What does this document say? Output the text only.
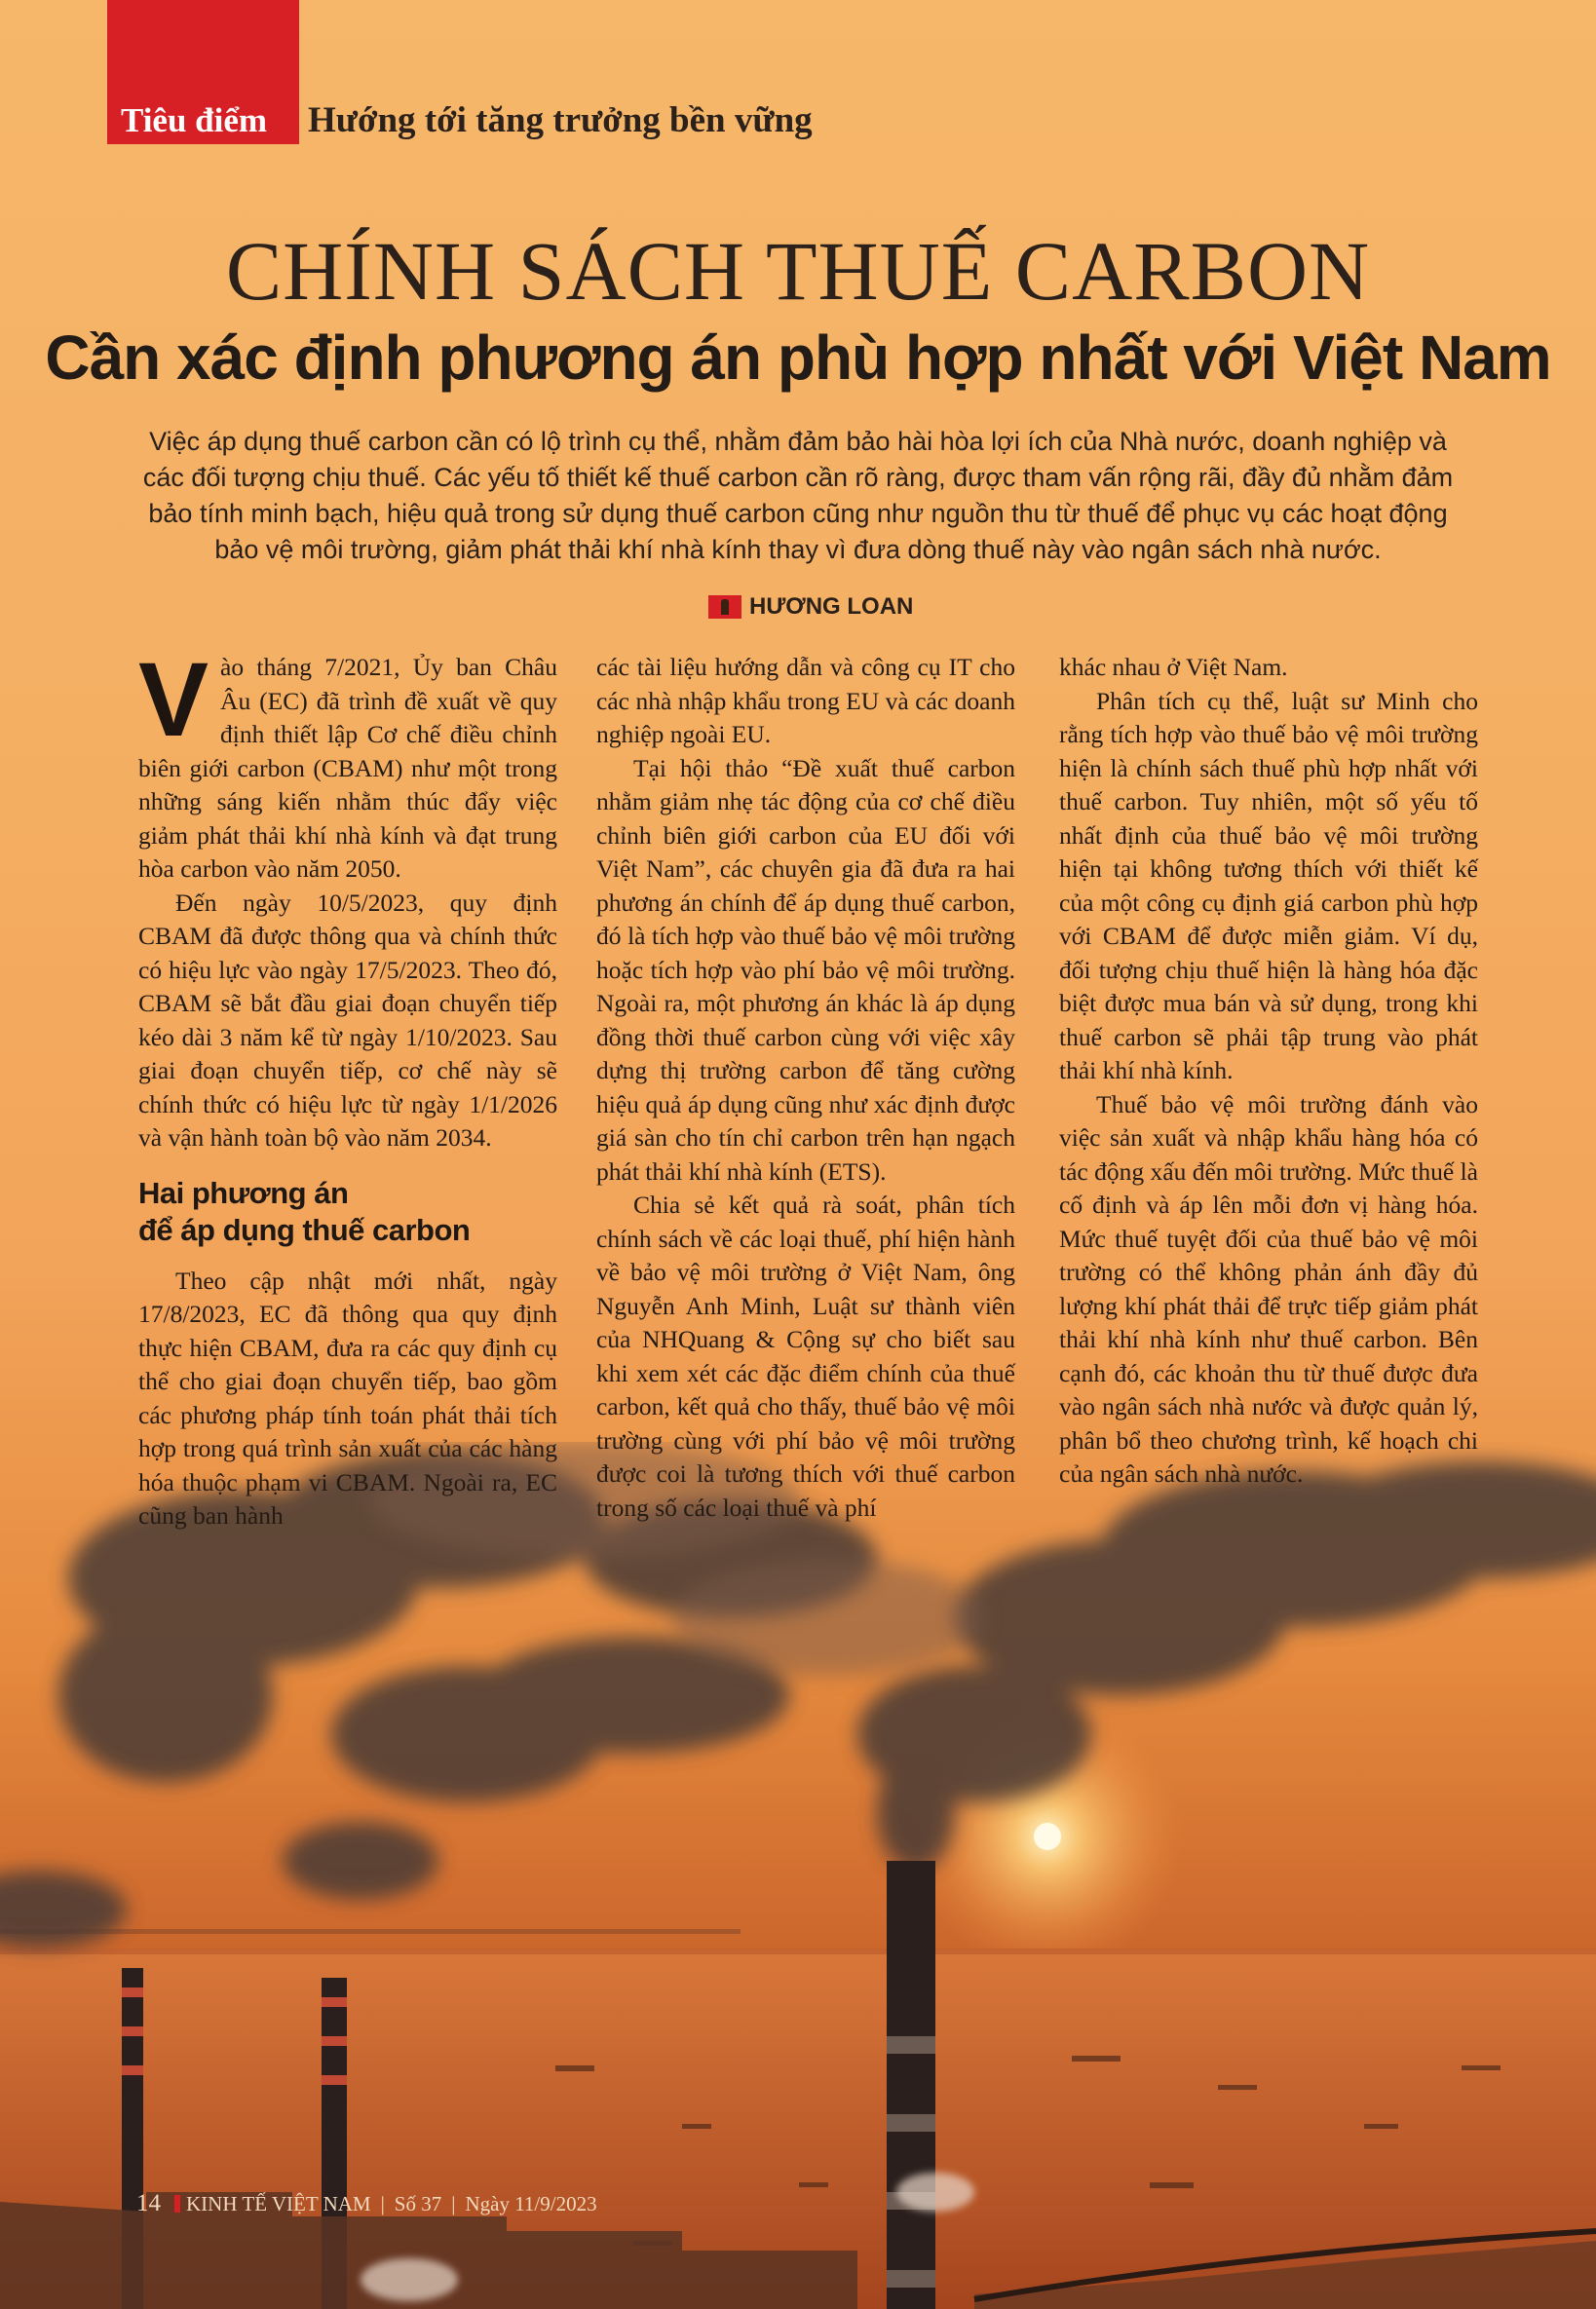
Tiêu điểm Hướng tới tăng trưởng bền vững
CHÍNH SÁCH THUẾ CARBON
Cần xác định phương án phù hợp nhất với Việt Nam
Việc áp dụng thuế carbon cần có lộ trình cụ thể, nhằm đảm bảo hài hòa lợi ích của Nhà nước, doanh nghiệp và các đối tượng chịu thuế. Các yếu tố thiết kế thuế carbon cần rõ ràng, được tham vấn rộng rãi, đầy đủ nhằm đảm bảo tính minh bạch, hiệu quả trong sử dụng thuế carbon cũng như nguồn thu từ thuế để phục vụ các hoạt động bảo vệ môi trường, giảm phát thải khí nhà kính thay vì đưa dòng thuế này vào ngân sách nhà nước.
HƯƠNG LOAN

Vào tháng 7/2021, Ủy ban Châu Âu (EC) đã trình đề xuất về quy định thiết lập Cơ chế điều chỉnh biên giới carbon (CBAM) như một trong những sáng kiến nhằm thúc đẩy việc giảm phát thải khí nhà kính và đạt trung hòa carbon vào năm 2050.

Đến ngày 10/5/2023, quy định CBAM đã được thông qua và chính thức có hiệu lực vào ngày 17/5/2023. Theo đó, CBAM sẽ bắt đầu giai đoạn chuyển tiếp kéo dài 3 năm kể từ ngày 1/10/2023. Sau giai đoạn chuyển tiếp, cơ chế này sẽ chính thức có hiệu lực từ ngày 1/1/2026 và vận hành toàn bộ vào năm 2034.

Hai phương án
để áp dụng thuế carbon

Theo cập nhật mới nhất, ngày 17/8/2023, EC đã thông qua quy định thực hiện CBAM, đưa ra các quy định cụ thể cho giai đoạn chuyển tiếp, bao gồm các phương pháp tính toán phát thải tích hợp trong quá trình sản xuất của các hàng hóa thuộc phạm vi CBAM. Ngoài ra, EC cũng ban hành

các tài liệu hướng dẫn và công cụ IT cho các nhà nhập khẩu trong EU và các doanh nghiệp ngoài EU.

Tại hội thảo “Đề xuất thuế carbon nhằm giảm nhẹ tác động của cơ chế điều chỉnh biên giới carbon của EU đối với Việt Nam”, các chuyên gia đã đưa ra hai phương án chính để áp dụng thuế carbon, đó là tích hợp vào thuế bảo vệ môi trường hoặc tích hợp vào phí bảo vệ môi trường. Ngoài ra, một phương án khác là áp dụng đồng thời thuế carbon cùng với việc xây dựng thị trường carbon để tăng cường hiệu quả áp dụng cũng như xác định được giá sàn cho tín chỉ carbon trên hạn ngạch phát thải khí nhà kính (ETS).

Chia sẻ kết quả rà soát, phân tích chính sách về các loại thuế, phí hiện hành về bảo vệ môi trường ở Việt Nam, ông Nguyễn Anh Minh, Luật sư thành viên của NHQuang & Cộng sự cho biết sau khi xem xét các đặc điểm chính của thuế carbon, kết quả cho thấy, thuế bảo vệ môi trường cùng với phí bảo vệ môi trường được coi là tương thích với thuế carbon trong số các loại thuế và phí

khác nhau ở Việt Nam.

Phân tích cụ thể, luật sư Minh cho rằng tích hợp vào thuế bảo vệ môi trường hiện là chính sách thuế phù hợp nhất với thuế carbon. Tuy nhiên, một số yếu tố nhất định của thuế bảo vệ môi trường hiện tại không tương thích với thiết kế của một công cụ định giá carbon phù hợp với CBAM để được miễn giảm. Ví dụ, đối tượng chịu thuế hiện là hàng hóa đặc biệt được mua bán và sử dụng, trong khi thuế carbon sẽ phải tập trung vào phát thải khí nhà kính.

Thuế bảo vệ môi trường đánh vào việc sản xuất và nhập khẩu hàng hóa có tác động xấu đến môi trường. Mức thuế là cố định và áp lên mỗi đơn vị hàng hóa. Mức thuế tuyệt đối của thuế bảo vệ môi trường có thể không phản ánh đầy đủ lượng khí phát thải để trực tiếp giảm phát thải khí nhà kính như thuế carbon. Bên cạnh đó, các khoản thu từ thuế được đưa vào ngân sách nhà nước và được quản lý, phân bổ theo chương trình, kế hoạch chi của ngân sách nhà nước.

14 KINH TẾ VIỆT NAM | Số 37 | Ngày 11/9/2023
